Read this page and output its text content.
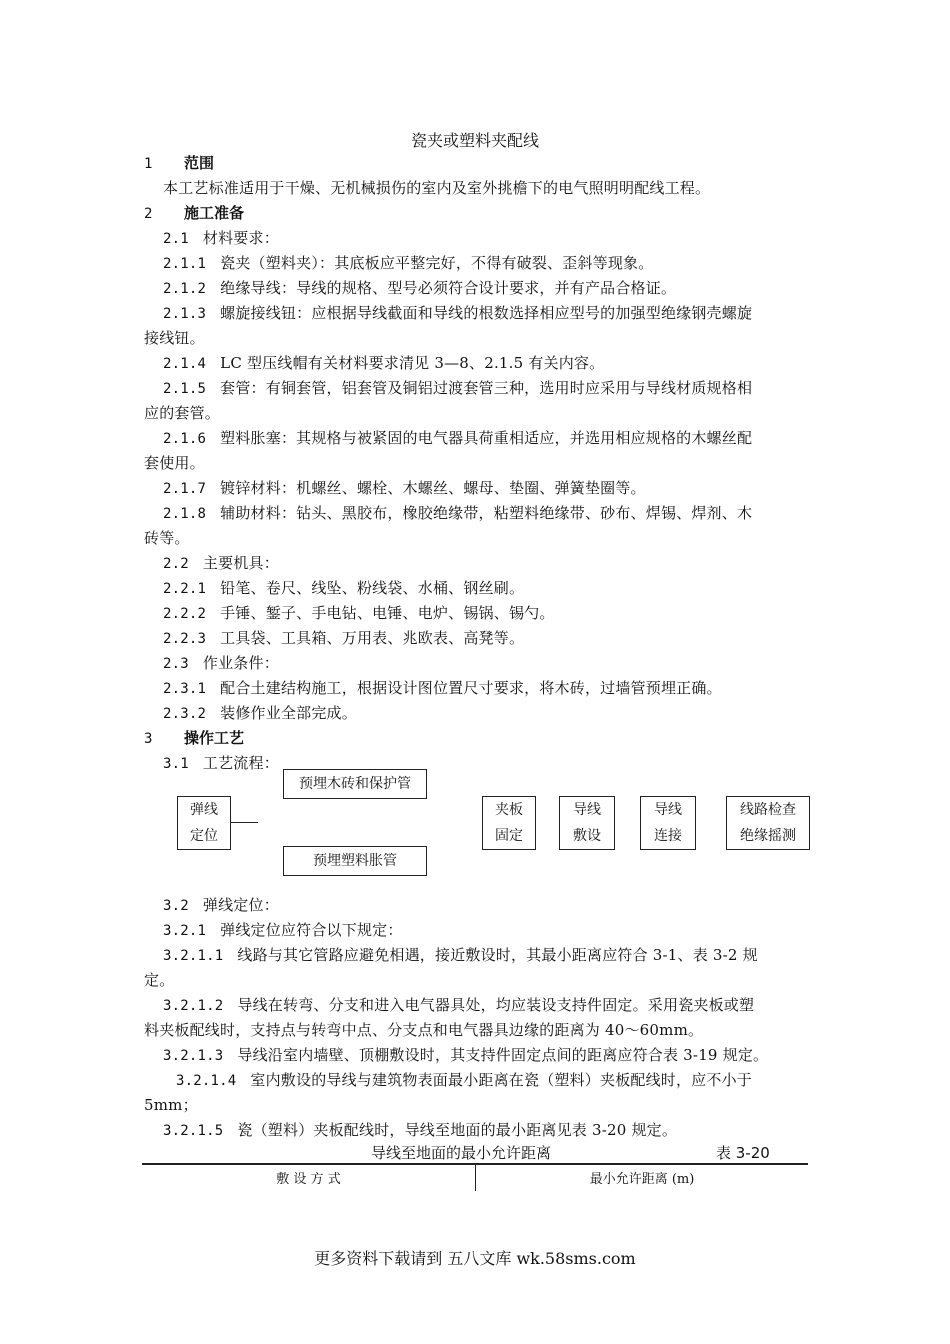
瓷夹或塑料夹配线
1 范围
本工艺标准适用于干燥、无机械损伤的室内及室外挑檐下的电气照明明配线工程。
2 施工准备
2.1 材料要求：
2.1.1 瓷夹（塑料夹）：其底板应平整完好，不得有破裂、歪斜等现象。
2.1.2 绝缘导线：导线的规格、型号必须符合设计要求，并有产品合格证。
2.1.3 螺旋接线钮：应根据导线截面和导线的根数选择相应型号的加强型绝缘钢壳螺旋
接线钮。
2.1.4 LC 型压线帽有关材料要求清见 3—8、2.1.5 有关内容。
2.1.5 套管：有铜套管，铝套管及铜铝过渡套管三种，选用时应采用与导线材质规格相
应的套管。
2.1.6 塑料胀塞：其规格与被紧固的电气器具荷重相适应，并选用相应规格的木螺丝配
套使用。
2.1.7 镀锌材料：机螺丝、螺栓、木螺丝、螺母、垫圈、弹簧垫圈等。
2.1.8 辅助材料：钻头、黑胶布，橡胶绝缘带，粘塑料绝缘带、砂布、焊锡、焊剂、木
砖等。
2.2 主要机具：
2.2.1 铅笔、卷尺、线坠、粉线袋、水桶、钢丝刷。
2.2.2 手锤、錾子、手电钻、电锤、电炉、锡锅、锡勺。
2.2.3 工具袋、工具箱、万用表、兆欧表、高凳等。
2.3 作业条件：
2.3.1 配合土建结构施工，根据设计图位置尺寸要求，将木砖，过墙管预埋正确。
2.3.2 装修作业全部完成。
3 操作工艺
3.1 工艺流程：
弹线
定位
预埋木砖和保护管
预埋塑料胀管
夹板
固定
导线
敷设
导线
连接
线路检查
绝缘摇测
3.2 弹线定位：
3.2.1 弹线定位应符合以下规定：
3.2.1.1 线路与其它管路应避免相遇，接近敷设时，其最小距离应符合 3-1、表 3-2 规
定。
3.2.1.2 导线在转弯、分支和进入电气器具处，均应装设支持件固定。采用瓷夹板或塑
料夹板配线时，支持点与转弯中点、分支点和电气器具边缘的距离为 40～60mm。
3.2.1.3 导线沿室内墙壁、顶棚敷设时，其支持件固定点间的距离应符合表 3-19 规定。
3.2.1.4 室内敷设的导线与建筑物表面最小距离在瓷（塑料）夹板配线时，应不小于
5mm；
3.2.1.5 瓷（塑料）夹板配线时，导线至地面的最小距离见表 3-20 规定。
导线至地面的最小允许距离	表 3-20
敷 设 方 式	最小允许距离 (m)
更多资料下载请到 五八文库 wk.58sms.com
